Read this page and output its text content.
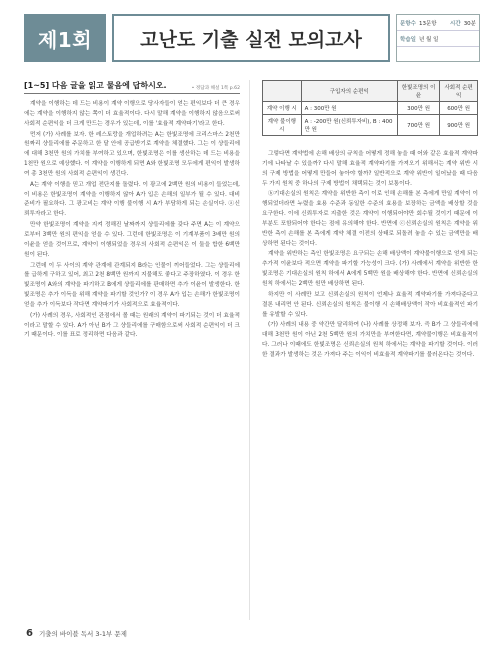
제1회	고난도 기출 실전 모의고사
문항수 13문항 시간 30분
학습일 년 월 일
[1~5] 다음 글을 읽고 물음에 답하시오.	• 정답과 해설 1쪽 p.62

계약을 이행하는 데 드는 비용이 계약 이행으로 당사자들이 얻는 편익보다 더 큰 경우에는 계약을 이행하지 않는 쪽이 더 효율적이다. 다시 말해 계약을 이행하지 않음으로써 사회적 순편익을 더 크게 만드는 경우가 있는데, 이를 '효율적 계약파기'라고 한다.

먼저 (가) 사례를 보자. 한 레스토랑을 개업하려는 A는 한빛조명에 크리스마스 2천만 원짜리 샹들리에를 주문하고 한 달 안에 공급받기로 계약을 체결했다. 그는 이 샹들리에에 대해 3천만 원의 가치를 부여하고 있으며, 한빛조명은 이를 생산하는 데 드는 비용을 1천만 원으로 예상했다. 이 계약을 이행하게 되면 A와 한빛조명 모두에게 편익이 발생하여 총 3천만 원의 사회적 순편익이 생긴다.

A는 계약 이행을 믿고 개업 전단지를 돌렸다. 이 광고에 2백만 원의 비용이 들었는데, 이 비용은 한빛조명이 계약을 이행하지 않아 A가 입은 손해의 일부가 될 수 있다. 대비 준비가 필요하다. 그 광고비는 계약 이행 불이행 시 A가 부담하게 되는 손실이다. ⓐ신뢰투자라고 한다.

만약 한빛조명이 계약을 지켜 정해진 날짜까지 샹들리에를 갖다 주면 A는 이 계약으로부터 3백만 원의 편익을 얻을 수 있다. 그런데 한빛조명은 이 기계부품이 3배만 원의 이윤을 얻을 것이므로, 계약이 이행되었을 경우의 사회적 순편익은 이 둘을 합한 6백만 원이 된다.

그런데 이 두 사이의 계약 관계에 관계되지 B라는 인물이 끼어들었다. 그는 샹들리에를 급하게 구하고 있어, 최고 2천 8백만 원까지 지불해도 좋다고 주장하였다. 이 경우 한빛조명이 A와의 계약을 파기하고 B에게 샹들리에를 판매하면 추가 이윤이 발생한다. 한빛조명은 추가 이득을 위해 계약을 파기할 것인가? 이 경우 A가 입는 손해가 한빛조명이 얻을 추가 이득보다 작다면 계약파기가 사회적으로 효율적이다.

(가) 사례의 경우, 사회적인 관점에서 볼 때는 원래의 계약이 파기되는 것이 더 효율적이라고 말할 수 있다. A가 아닌 B가 그 샹들리에를 구매함으로써 사회적 순편익이 더 크기 때문이다. 이를 표로 정리하면 다음과 같다.

	구입자의 순편익	한빛조명의 이윤	사회적 순편익
계약 이행 시	A : 300만 원	300만 원	600만 원
계약 불이행 시	A : -200만 원(신뢰투자비), B : 400만 원	700만 원	900만 원

그렇다면 계약법에 손해 배상의 규칙을 어떻게 정해 놓을 때 어와 같은 효율적 계약파기에 나타날 수 있을까? 다시 말해 효율적 계약파기를 가져오기 위해서는 계약 위반 시의 구제 방법을 어떻게 만들어 놓아야 할까? 일반적으로 계약 위반이 일어났을 때 다음 두 가지 원칙 중 하나의 구제 방법이 채택되는 것이 보통이다.

ⓑ기대손실의 원칙은 계약을 위반한 측이 이로 인해 손해를 본 측에게 만일 계약이 이행되었더라면 누렸을 효용 수준과 동일한 수준의 효용을 보장하는 금액을 배상할 것을 요구한다. 이에 신뢰투자로 지출한 것은 계약이 이행되어야만 회수될 것이기 때문에 이 부분도 포함되어야 한다는 점에 유의해야 한다. 반면에 ⓒ신뢰손실의 원칙은 계약을 위반한 측이 손해를 본 측에게 계약 체결 이전의 상태로 되돌려 놓을 수 있는 금액만을 배상하면 된다는 것이다.

계약을 위반하는 측인 한빛조명은 요구되는 손해 배상액이 계약불이행으로 얻게 되는 추가적 이윤보다 적으면 계약을 파기할 가능성이 크다. (가) 사례에서 계약을 위반한 한빛조명은 기대손실의 원칙 하에서 A에게 5백만 원을 배상해야 한다. 반면에 신뢰손실의 원칙 하에서는 2백만 원만 배상하면 된다.

하지만 이 사례만 보고 신뢰손실의 원칙이 언제나 효율적 계약파기를 가져다준다고 결론 내리면 안 된다. 신뢰손실의 원칙은 불이행 시 손해배상액이 작아 비효율적인 파기를 유발할 수 있다.

(가) 사례의 내용 중 약간만 달리하여 (나) 사례를 상정해 보자. 즉 B가 그 샹들리에에 대해 3천만 원이 아닌 2천 5백만 원의 가치만을 부여한다면, 계약불이행은 비효율적이다. 그러나 이때에도 한빛조명은 신뢰손실의 원칙 하에서는 계약을 파기할 것이다. 이러한 결과가 발생하는 것은 가져다 주는 이익이 비효율적 계약파기를 불러온다는 것이다.

6 기출의 바이블 독서 3-1부 문제
